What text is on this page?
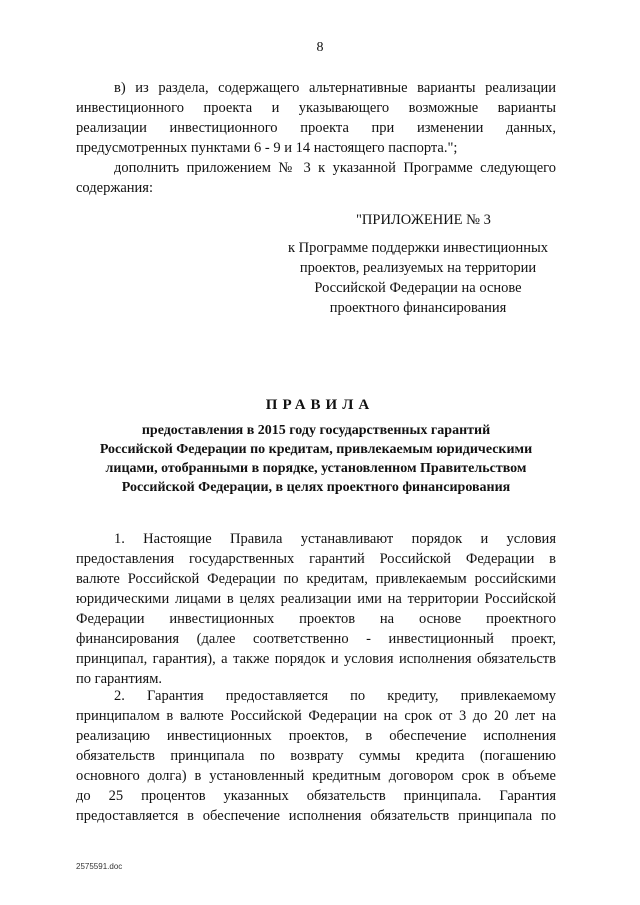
8
в) из раздела, содержащего альтернативные варианты реализации
инвестиционного проекта и указывающего возможные варианты
реализации инвестиционного проекта при изменении данных,
предусмотренных пунктами 6 - 9 и 14 настоящего паспорта.";
дополнить приложением № 3 к указанной Программе следующего
содержания:
"ПРИЛОЖЕНИЕ № 3
к Программе поддержки инвестиционных
проектов, реализуемых на территории
Российской Федерации на основе
проектного финансирования
ПРАВИЛА
предоставления в 2015 году государственных гарантий
Российской Федерации по кредитам, привлекаемым юридическими
лицами, отобранными в порядке, установленном Правительством
Российской Федерации, в целях проектного финансирования
1. Настоящие Правила устанавливают порядок и условия
предоставления государственных гарантий Российской Федерации в
валюте Российской Федерации по кредитам, привлекаемым российскими
юридическими лицами в целях реализации ими на территории Российской
Федерации инвестиционных проектов на основе проектного
финансирования (далее соответственно - инвестиционный проект,
принципал, гарантия), а также порядок и условия исполнения обязательств
по гарантиям.
2. Гарантия предоставляется по кредиту, привлекаемому
принципалом в валюте Российской Федерации на срок от 3 до 20 лет на
реализацию инвестиционных проектов, в обеспечение исполнения
обязательств принципала по возврату суммы кредита (погашению
основного долга) в установленный кредитным договором срок в объеме
до 25 процентов указанных обязательств принципала. Гарантия
предоставляется в обеспечение исполнения обязательств принципала по
2575591.doc
